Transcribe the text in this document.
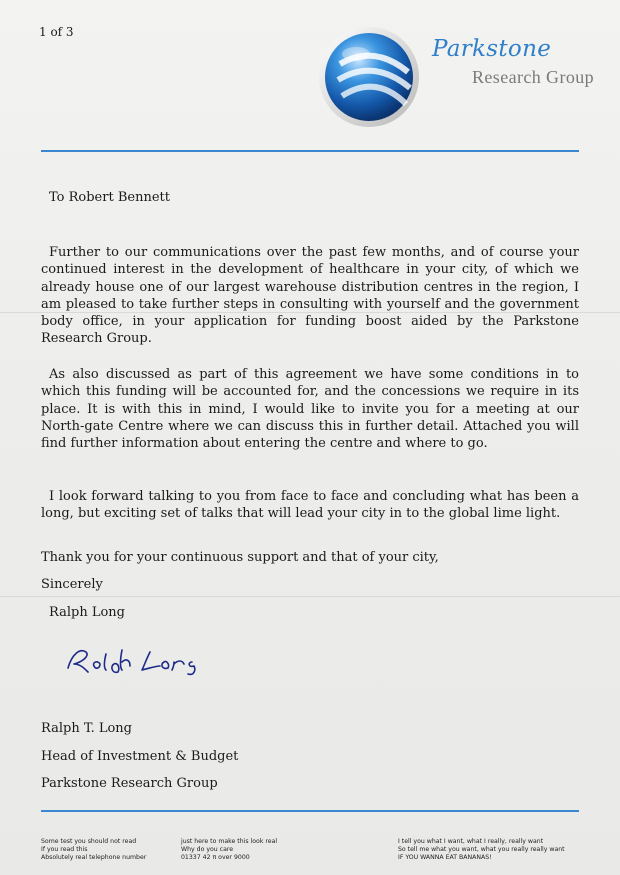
1 of 3
Parkstone
Research Group
To Robert Bennett
Further to our communications over the past few months, and of course your continued interest in the development of healthcare in your city, of which we already house one of our largest warehouse distribution centres in the region, I am pleased to take further steps in consulting with yourself and the government body office, in your application for funding boost aided by the Parkstone Research Group.
As also discussed as part of this agreement we have some conditions in to which this funding will be accounted for, and the concessions we require in its place. It is with this in mind, I would like to invite you for a meeting at our North-gate Centre where we can discuss this in further detail. Attached you will find further information about entering the centre and where to go.
I look forward talking to you from face to face and concluding what has been a long, but exciting set of talks that will lead your city in to the global lime light.
Thank you for your continuous support and that of your city,
Sincerely
Ralph Long
Ralph T. Long
Head of Investment & Budget
Parkstone Research Group
Some test you should not read
If you read this
Absolutely real telephone number
just here to make this look real
Why do you care
01337 42 π over 9000
I tell you what I want, what I really, really want
So tell me what you want, what you really really want
IF YOU WANNA EAT BANANAS!
